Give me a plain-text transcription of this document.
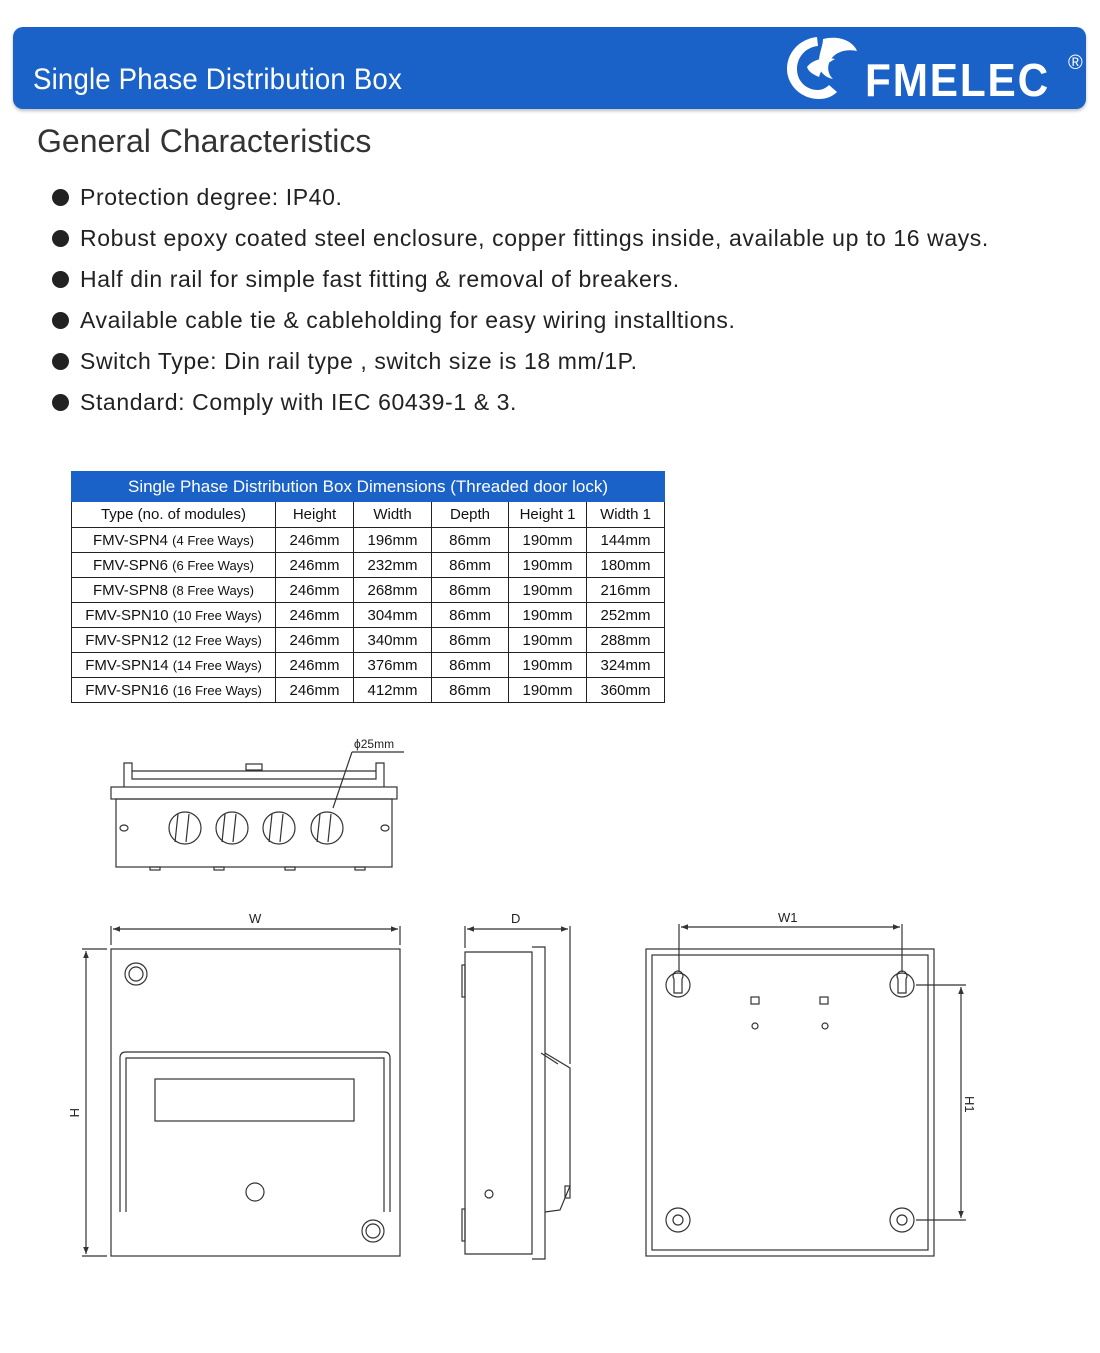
Single Phase Distribution Box	FMELEC ®
General Characteristics
Protection degree: IP40.
Robust epoxy coated steel enclosure, copper fittings inside, available up to 16 ways.
Half din rail for simple fast fitting & removal of breakers.
Available cable tie & cableholding for easy wiring installtions.
Switch Type: Din rail type , switch size is 18 mm/1P.
Standard: Comply with IEC 60439-1 & 3.
Single Phase Distribution Box Dimensions (Threaded door lock)					
Type (no. of modules)	Height	Width	Depth	Height 1	Width 1
FMV-SPN4 (4 Free Ways)	246mm	196mm	86mm	190mm	144mm
FMV-SPN6 (6 Free Ways)	246mm	232mm	86mm	190mm	180mm
FMV-SPN8 (8 Free Ways)	246mm	268mm	86mm	190mm	216mm
FMV-SPN10 (10 Free Ways)	246mm	304mm	86mm	190mm	252mm
FMV-SPN12 (12 Free Ways)	246mm	340mm	86mm	190mm	288mm
FMV-SPN14 (14 Free Ways)	246mm	376mm	86mm	190mm	324mm
FMV-SPN16 (16 Free Ways)	246mm	412mm	86mm	190mm	360mm
ϕ25mm
W
H
D	W1
H1
